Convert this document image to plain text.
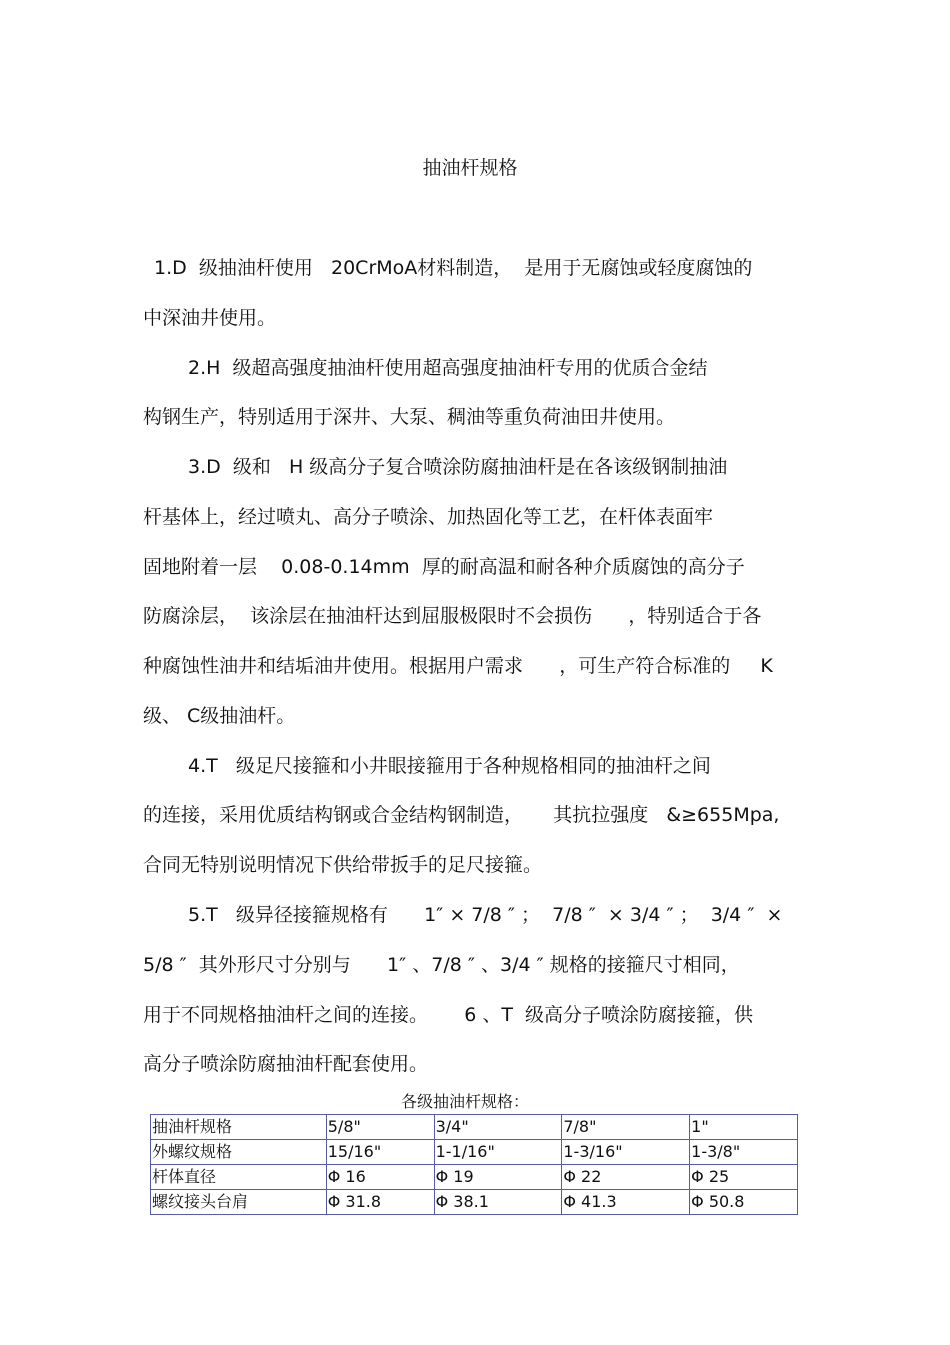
抽油杆规格
1.D  级抽油杆使用   20CrMoA材料制造，  是用于无腐蚀或轻度腐蚀的
中深油井使用。
2.H  级超高强度抽油杆使用超高强度抽油杆专用的优质合金结
构钢生产，特别适用于深井、大泵、稠油等重负荷油田井使用。
3.D  级和   H 级高分子复合喷涂防腐抽油杆是在各该级钢制抽油
杆基体上，经过喷丸、高分子喷涂、加热固化等工艺，在杆体表面牢
固地附着一层    0.08-0.14mm  厚的耐高温和耐各种介质腐蚀的高分子
防腐涂层，  该涂层在抽油杆达到屈服极限时不会损伤      ，特别适合于各
种腐蚀性油井和结垢油井使用。根据用户需求      ，可生产符合标准的     K
级、 C级抽油杆。
4.T   级足尺接箍和小井眼接箍用于各种规格相同的抽油杆之间
的连接，采用优质结构钢或合金结构钢制造，     其抗拉强度   &≥655Mpa,
合同无特别说明情况下供给带扳手的足尺接箍。
5.T   级异径接箍规格有      1″ × 7/8 ″ ；  7/8 ″  × 3/4 ″ ；  3/4 ″  ×
5/8 ″  其外形尺寸分别与      1″ 、7/8 ″ 、3/4 ″ 规格的接箍尺寸相同，
用于不同规格抽油杆之间的连接。      6 、T  级高分子喷涂防腐接箍，供
高分子喷涂防腐抽油杆配套使用。
各级抽油杆规格：
抽油杆规格	5/8"	3/4"	7/8"	1"
外螺纹规格	15/16"	1-1/16"	1-3/16"	1-3/8"
杆体直径	Φ 16	Φ 19	Φ 22	Φ 25
螺纹接头台肩	Φ 31.8	Φ 38.1	Φ 41.3	Φ 50.8
